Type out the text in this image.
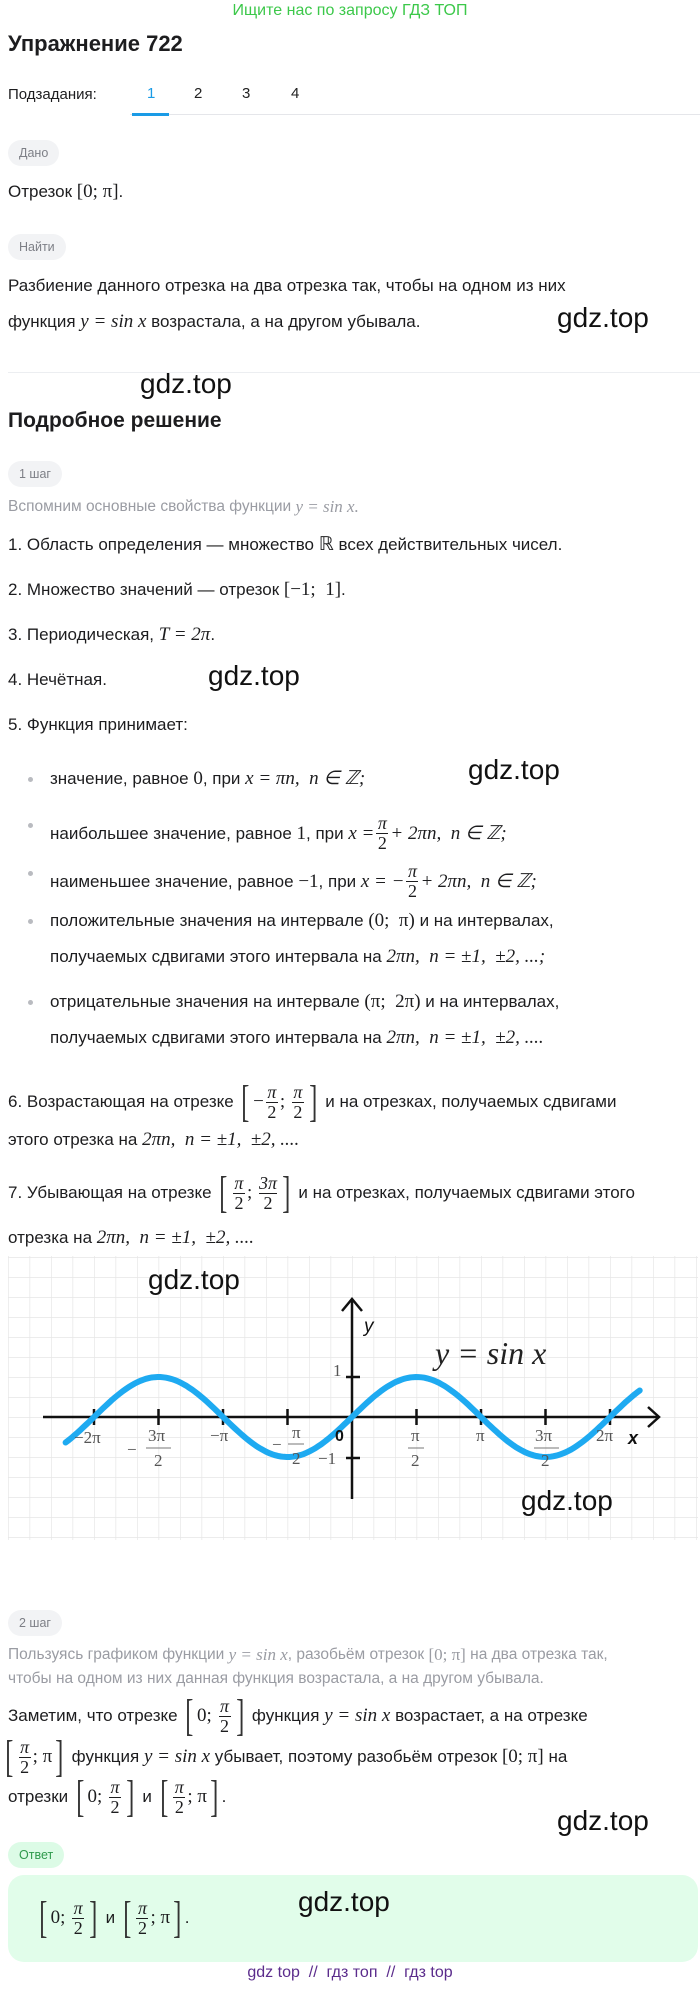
Ищите нас по запросу ГДЗ ТОП
Упражнение 722
Подзадания:	1	2	3	4
Дано
Отрезок [0; π] .
Найти
Разбиение данного отрезка на два отрезка так, чтобы на одном из них
функция y = sin x возрастала, а на другом убывала.	gdz.top
gdz.top
Подробное решение
1 шаг
Вспомним основные свойства функции y = sin x.
1. Область определения — множество ℝ всех действительных чисел.
2. Множество значений — отрезок [−1;  1] .
3. Периодическая, T = 2π .
4. Нечётная.	gdz.top
5. Функция принимает:
значение, равное 0 , при x = πn,  n ∈ ℤ;	gdz.top
наибольшее значение, равное 1 , при $x = \frac{\pi}{2} + 2\pi n$,  n ∈ ℤ;
наименьшее значение, равное −1 , при x = − $\frac{\pi}{2} + 2\pi n$,  n ∈ ℤ;
положительные значения на интервале (0;  π) и на интервалах,
получаемых сдвигами этого интервала на 2πn,  n = ±1,  ±2, ...;
отрицательные значения на интервале (π;  2π) и на интервалах,
получаемых сдвигами этого интервала на 2πn,  n = ±1,  ±2, ....
6. Возрастающая на отрезке [ − $\frac{\pi}{2}$ ; $\frac{\pi}{2}$ ] и на отрезках, получаемых сдвигами
этого отрезка на 2πn,  n = ±1,  ±2, ....
7. Убывающая на отрезке [ $\frac{\pi}{2}$ ; $\frac{3\pi}{2}$ ] и на отрезках, получаемых сдвигами этого
отрезка на 2πn,  n = ±1,  ±2, ....
y
y = sin x
1
−1
0	x
−2π
−
3π
2
−π	−
π
2
π
2
π	3π
2
2π
gdz.top
gdz.top
2 шаг
Пользуясь графиком функции y = sin x , разобьём отрезок [0; π] на два отрезка так,
чтобы на одном из них данная функция возрастала, а на другом убывала.
Заметим, что отрезке [ 0; $\frac{\pi}{2}$ ] функция y = sin x возрастает, а на отрезке
[ $\frac{\pi}{2}$ ; π ] функция y = sin x убывает, поэтому разобьём отрезок [0; π] на
отрезки [ 0; $\frac{\pi}{2}$ ] и [ $\frac{\pi}{2}$ ; π ] .
gdz.top
Ответ
[ 0; $\frac{\pi}{2}$ ] и [ $\frac{\pi}{2}$ ; π ] .
gdz.top
gdz top  //  гдз топ  //  гдз top
